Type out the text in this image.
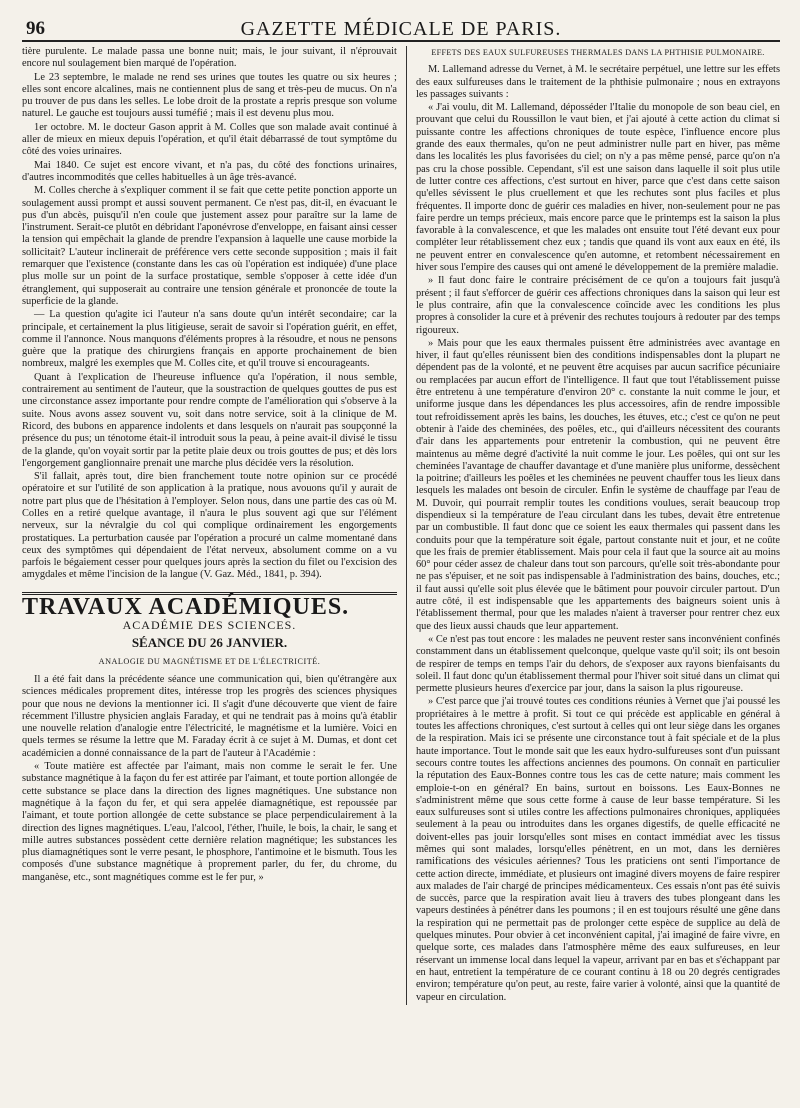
96	GAZETTE MÉDICALE DE PARIS.

tière purulente. Le malade passa une bonne nuit; mais, le jour suivant, il n'éprouvait encore nul soulagement bien marqué de l'opération.

Le 23 septembre, le malade ne rend ses urines que toutes les quatre ou six heures ; elles sont encore alcalines, mais ne contiennent plus de sang et très-peu de mucus. On n'a pu trouver de pus dans les selles. Le lobe droit de la prostate a repris presque son volume naturel. Le gauche est toujours aussi tuméfié ; mais il est devenu plus mou.

1er octobre. M. le docteur Gason apprit à M. Colles que son malade avait continué à aller de mieux en mieux depuis l'opération, et qu'il était débarrassé de tout symptôme du côté des voies urinaires.

Mai 1840. Ce sujet est encore vivant, et n'a pas, du côté des fonctions urinaires, d'autres incommodités que celles habituelles à un âge très-avancé.

M. Colles cherche à s'expliquer comment il se fait que cette petite ponction apporte un soulagement aussi prompt et aussi souvent permanent. Ce n'est pas, dit-il, en évacuant le pus d'un abcès, puisqu'il n'en coule que justement assez pour paraître sur la lame de l'instrument. Serait-ce plutôt en débridant l'aponévrose d'enveloppe, en faisant ainsi cesser la tension qui empêchait la glande de prendre l'expansion à laquelle une cause morbide la sollicitait? L'auteur inclinerait de préférence vers cette seconde supposition ; mais il fait remarquer que l'existence (constante dans les cas où l'opération est indiquée) d'une place plus molle sur un point de la surface prostatique, semble s'opposer à cette idée d'un étranglement, qui supposerait au contraire une tension générale et prononcée de toute la superficie de la glande.

— La question qu'agite ici l'auteur n'a sans doute qu'un intérêt secondaire; car la principale, et certainement la plus litigieuse, serait de savoir si l'opération guérit, en effet, comme il l'annonce. Nous manquons d'éléments propres à la résoudre, et nous ne pensons guère que la pratique des chirurgiens français en apporte prochainement de bien nombreux, malgré les exemples que M. Colles cite, et qu'il trouve si encourageants.

Quant à l'explication de l'heureuse influence qu'a l'opération, il nous semble, contrairement au sentiment de l'auteur, que la soustraction de quelques gouttes de pus est une circonstance assez importante pour rendre compte de l'amélioration qui s'observe à la suite. Nous avons assez souvent vu, soit dans notre service, soit à la clinique de M. Ricord, des bubons en apparence indolents et dans lesquels on n'aurait pas soupçonné la présence du pus; un ténotome était-il introduit sous la peau, à peine avait-il divisé le tissu de la glande, qu'on voyait sortir par la petite plaie deux ou trois gouttes de pus; et dès lors l'engorgement ganglionnaire prenait une marche plus décidée vers la résolution.

S'il fallait, après tout, dire bien franchement toute notre opinion sur ce procédé opératoire et sur l'utilité de son application à la pratique, nous avouons qu'il y aurait de notre part plus que de l'hésitation à l'employer. Selon nous, dans une partie des cas où M. Colles en a retiré quelque avantage, il n'aura le plus souvent agi que sur l'élément nerveux, sur la névralgie du col qui complique ordinairement les engorgements prostatiques. La perturbation causée par l'opération a procuré un calme momentané dans ceux des symptômes qui dépendaient de l'état nerveux, absolument comme on a vu parfois le bégaiement cesser pour quelques jours après la section du filet ou l'excision des amygdales et même l'incision de la langue (V. Gaz. Méd., 1841, p. 394).

TRAVAUX ACADÉMIQUES.
ACADÉMIE DES SCIENCES.
SÉANCE DU 26 JANVIER.
ANALOGIE DU MAGNÉTISME ET DE L'ÉLECTRICITÉ.

Il a été fait dans la précédente séance une communication qui, bien qu'étrangère aux sciences médicales proprement dites, intéresse trop les progrès des sciences physiques pour que nous ne devions la mentionner ici. Il s'agit d'une découverte que vient de faire récemment l'illustre physicien anglais Faraday, et qui ne tendrait pas à moins qu'à établir une nouvelle relation d'analogie entre l'électricité, le magnétisme et la lumière. Voici en quels termes se résume la lettre que M. Faraday écrit à ce sujet à M. Dumas, et dont cet académicien a donné connaissance de la part de l'auteur à l'Académie :

« Toute matière est affectée par l'aimant, mais non comme le serait le fer. Une substance magnétique à la façon du fer est attirée par l'aimant, et toute portion allongée de cette substance se place dans la direction des lignes magnétiques. Une substance non magnétique à la façon du fer, et qui sera appelée diamagnétique, est repoussée par l'aimant, et toute portion allongée de cette substance se place perpendiculairement à la direction des lignes magnétiques. L'eau, l'alcool, l'éther, l'huile, le bois, la chair, le sang et mille autres substances possèdent cette dernière relation magnétique; les substances les plus diamagnétiques sont le verre pesant, le phosphore, l'antimoine et le bismuth. Tous les composés d'une substance magnétique à proprement parler, du fer, du chrome, du manganèse, etc., sont magnétiques comme est le fer pur, »

EFFETS DES EAUX SULFUREUSES THERMALES DANS LA PHTHISIE PULMONAIRE.

M. Lallemand adresse du Vernet, à M. le secrétaire perpétuel, une lettre sur les effets des eaux sulfureuses dans le traitement de la phthisie pulmonaire ; nous en extrayons les passages suivants :

« J'ai voulu, dit M. Lallemand, déposséder l'Italie du monopole de son beau ciel, en prouvant que celui du Roussillon le vaut bien, et j'ai ajouté à cette action du climat si puissante contre les affections chroniques de toute espèce, l'influence encore plus grande des eaux thermales, qu'on ne peut administrer nulle part en hiver, pas même dans les localités les plus favorisées du ciel; on n'y a pas même pensé, parce qu'on n'a pas cru la chose possible. Cependant, s'il est une saison dans laquelle il soit plus utile de lutter contre ces affections, c'est surtout en hiver, parce que c'est dans cette saison qu'elles sévissent le plus cruellement et que les rechutes sont plus faciles et plus fréquentes. Il importe donc de guérir ces maladies en hiver, non-seulement pour ne pas faire perdre un temps précieux, mais encore parce que le printemps est la saison la plus favorable à la convalescence, et que les malades ont ensuite tout l'été devant eux pour compléter leur rétablissement chez eux ; tandis que quand ils vont aux eaux en été, ils ne peuvent entrer en convalescence qu'en automne, et retombent nécessairement en hiver sous l'empire des causes qui ont amené le développement de la première maladie.

» Il faut donc faire le contraire précisément de ce qu'on a toujours fait jusqu'à présent ; il faut s'efforcer de guérir ces affections chroniques dans la saison qui leur est le plus contraire, afin que la convalescence coïncide avec les conditions les plus propres à consolider la cure et à prévenir des rechutes toujours à redouter par des temps rigoureux.

» Mais pour que les eaux thermales puissent être administrées avec avantage en hiver, il faut qu'elles réunissent bien des conditions indispensables dont la plupart ne dépendent pas de la volonté, et ne peuvent être acquises par aucun sacrifice pécuniaire ou remplacées par aucun effort de l'intelligence. Il faut que tout l'établissement puisse être entretenu à une température d'environ 20° c. constante la nuit comme le jour, et uniforme jusque dans les dépendances les plus accessoires, afin de rendre impossible tout refroidissement après les bains, les douches, les étuves, etc.; c'est ce qu'on ne peut obtenir à l'aide des cheminées, des poêles, etc., qui d'ailleurs nécessitent des courants d'air dans les appartements pour entretenir la combustion, qui ne peuvent être maintenus au même degré d'activité la nuit comme le jour. Les poêles, qui ont sur les cheminées l'avantage de chauffer davantage et d'une manière plus uniforme, dessèchent la poitrine; d'ailleurs les poêles et les cheminées ne peuvent chauffer tous les lieux dans lesquels les malades ont besoin de circuler. Enfin le système de chauffage par l'eau de M. Duvoir, qui pourrait remplir toutes les conditions voulues, serait beaucoup trop dispendieux si la température de l'eau circulant dans les tubes, devait être entretenue par un combustible. Il faut donc que ce soient les eaux thermales qui passent dans les conduits pour que la température soit égale, partout constante nuit et jour, et ne coûte que les frais de premier établissement. Mais pour cela il faut que la source ait au moins 60° pour céder assez de chaleur dans tout son parcours, qu'elle soit très-abondante pour ne pas s'épuiser, et ne soit pas indispensable à l'administration des bains, douches, etc.; il faut aussi qu'elle soit plus élevée que le bâtiment pour pouvoir circuler partout. D'un autre côté, il est indispensable que les appartements des baigneurs soient unis à l'établissement thermal, pour que les malades n'aient à traverser pour rentrer chez eux que des lieux aussi chauds que leur appartement.

« Ce n'est pas tout encore : les malades ne peuvent rester sans inconvénient confinés constamment dans un établissement quelconque, quelque vaste qu'il soit; ils ont besoin de respirer de temps en temps l'air du dehors, de s'exposer aux rayons bienfaisants du soleil. Il faut donc qu'un établissement thermal pour l'hiver soit situé dans un climat qui permette plusieurs heures d'exercice par jour, dans la saison la plus rigoureuse.

» C'est parce que j'ai trouvé toutes ces conditions réunies à Vernet que j'ai poussé les propriétaires à le mettre à profit. Si tout ce qui précède est applicable en général à toutes les affections chroniques, c'est surtout à celles qui ont leur siège dans les organes de la respiration. Mais ici se présente une circonstance tout à fait spéciale et de la plus haute importance. Tout le monde sait que les eaux hydro-sulfureuses sont d'un puissant secours contre toutes les affections anciennes des poumons. On connaît en particulier la réputation des Eaux-Bonnes contre tous les cas de cette nature; mais comment les emploie-t-on en général? En bains, surtout en boissons. Les Eaux-Bonnes ne s'administrent même que sous cette forme à cause de leur basse température. Si les eaux sulfureuses sont si utiles contre les affections pulmonaires chroniques, appliquées seulement à la peau ou introduites dans les organes digestifs, de quelle efficacité ne doivent-elles pas jouir lorsqu'elles sont mises en contact immédiat avec les tissus mêmes qui sont malades, lorsqu'elles pénètrent, en un mot, dans les dernières ramifications des vésicules aériennes? Tous les praticiens ont senti l'importance de cette action directe, immédiate, et plusieurs ont imaginé divers moyens de faire respirer aux malades de l'air chargé de principes médicamenteux. Ces essais n'ont pas été suivis de succès, parce que la respiration avait lieu à travers des tubes plongeant dans les vapeurs destinées à pénétrer dans les poumons ; il en est toujours résulté une gêne dans la respiration qui ne permettait pas de prolonger cette espèce de supplice au delà de quelques minutes. Pour obvier à cet inconvénient capital, j'ai imaginé de faire vivre, en quelque sorte, ces malades dans l'atmosphère même des eaux sulfureuses, en leur réservant un immense local dans lequel la vapeur, arrivant par en bas et s'échappant par en haut, entretient la température de ce courant continu à 18 ou 20 degrés centigrades environ; température qu'on peut, au reste, faire varier à volonté, ainsi que la quantité de vapeur en circulation.
